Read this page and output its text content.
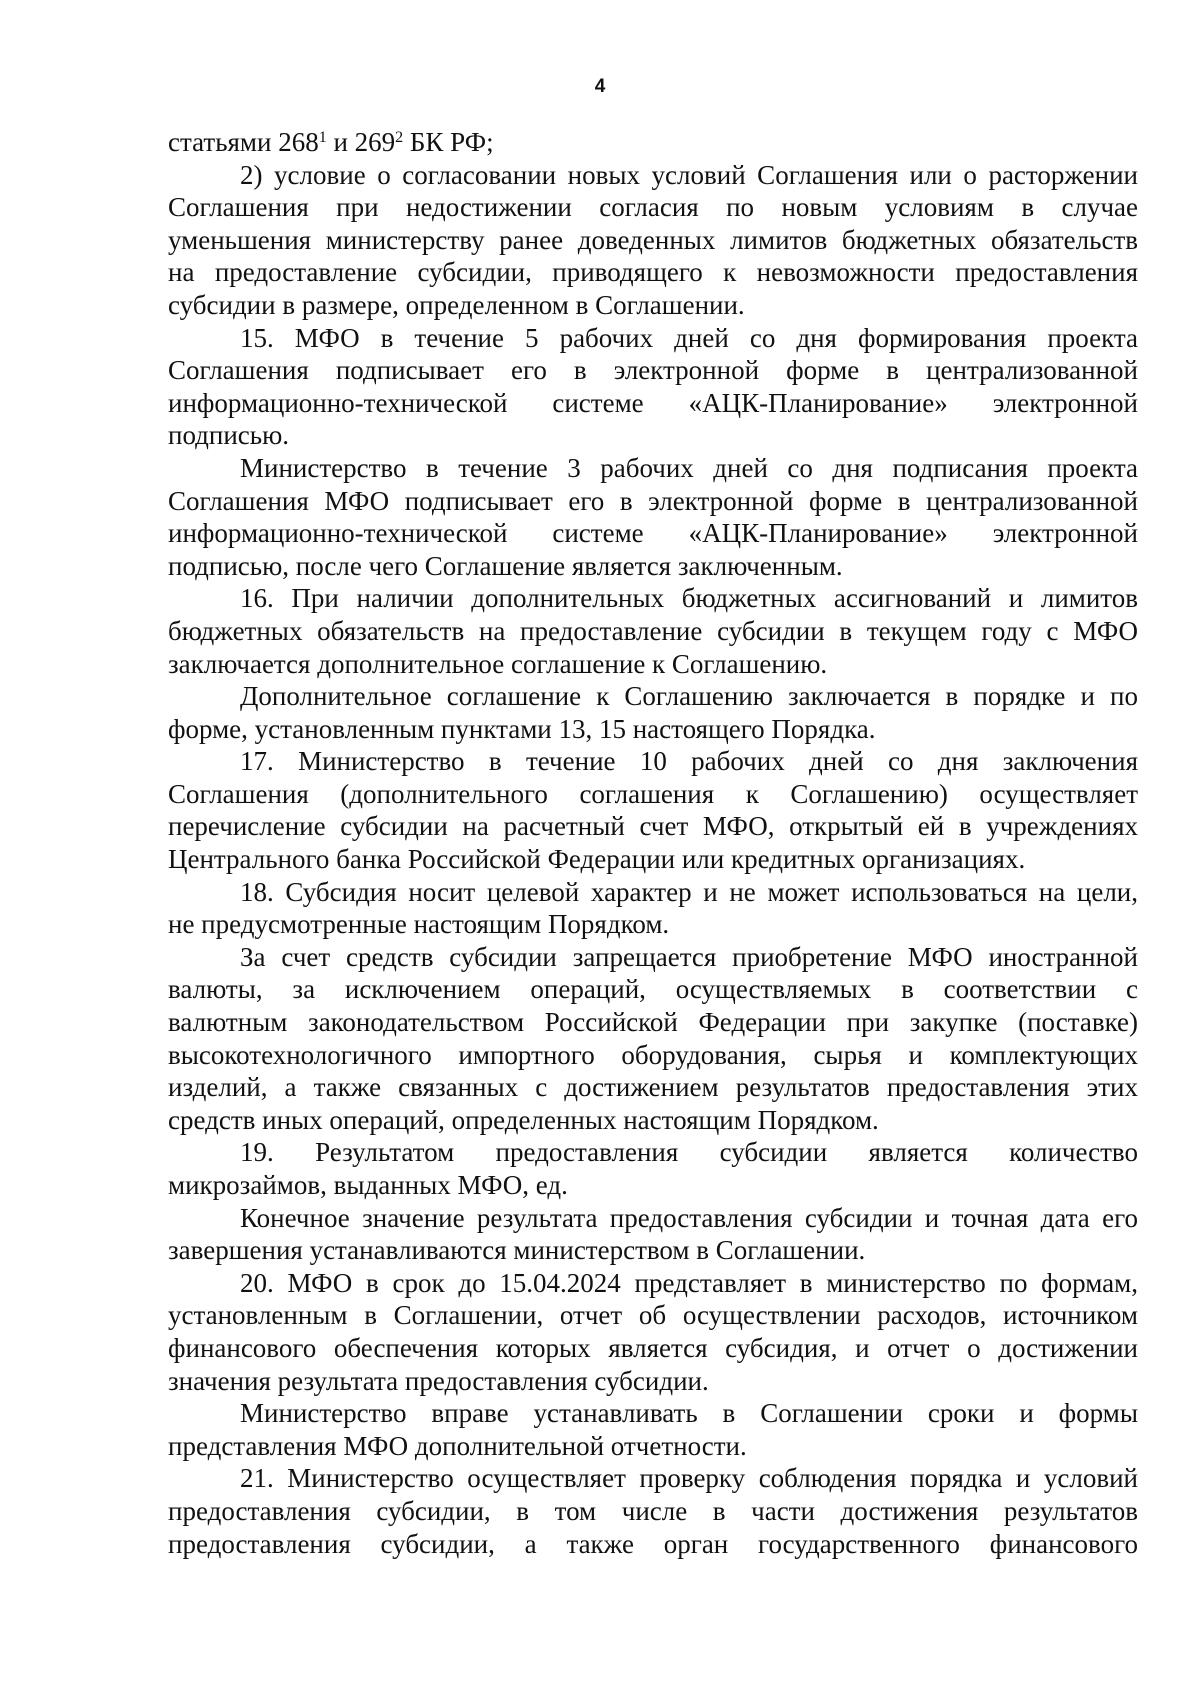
4
статьями $268^1$ и $269^2$ БК РФ;
2) условие о согласовании новых условий Соглашения или о расторжении
Соглашения при недостижении согласия по новым условиям в случае
уменьшения министерству ранее доведенных лимитов бюджетных обязательств
на предоставление субсидии, приводящего к невозможности предоставления
субсидии в размере, определенном в Соглашении.
15. МФО в течение 5 рабочих дней со дня формирования проекта
Соглашения подписывает его в электронной форме в централизованной
информационно-технической системе «АЦК-Планирование» электронной
подписью.
Министерство в течение 3 рабочих дней со дня подписания проекта
Соглашения МФО подписывает его в электронной форме в централизованной
информационно-технической системе «АЦК-Планирование» электронной
подписью, после чего Соглашение является заключенным.
16. При наличии дополнительных бюджетных ассигнований и лимитов
бюджетных обязательств на предоставление субсидии в текущем году с МФО
заключается дополнительное соглашение к Соглашению.
Дополнительное соглашение к Соглашению заключается в порядке и по
форме, установленным пунктами 13, 15 настоящего Порядка.
17. Министерство в течение 10 рабочих дней со дня заключения
Соглашения (дополнительного соглашения к Соглашению) осуществляет
перечисление субсидии на расчетный счет МФО, открытый ей в учреждениях
Центрального банка Российской Федерации или кредитных организациях.
18. Субсидия носит целевой характер и не может использоваться на цели,
не предусмотренные настоящим Порядком.
За счет средств субсидии запрещается приобретение МФО иностранной
валюты, за исключением операций, осуществляемых в соответствии с
валютным законодательством Российской Федерации при закупке (поставке)
высокотехнологичного импортного оборудования, сырья и комплектующих
изделий, а также связанных с достижением результатов предоставления этих
средств иных операций, определенных настоящим Порядком.
19. Результатом предоставления субсидии является количество
микрозаймов, выданных МФО, ед.
Конечное значение результата предоставления субсидии и точная дата его
завершения устанавливаются министерством в Соглашении.
20. МФО в срок до 15.04.2024 представляет в министерство по формам,
установленным в Соглашении, отчет об осуществлении расходов, источником
финансового обеспечения которых является субсидия, и отчет о достижении
значения результата предоставления субсидии.
Министерство вправе устанавливать в Соглашении сроки и формы
представления МФО дополнительной отчетности.
21. Министерство осуществляет проверку соблюдения порядка и условий
предоставления субсидии, в том числе в части достижения результатов
предоставления субсидии, а также орган государственного финансового
